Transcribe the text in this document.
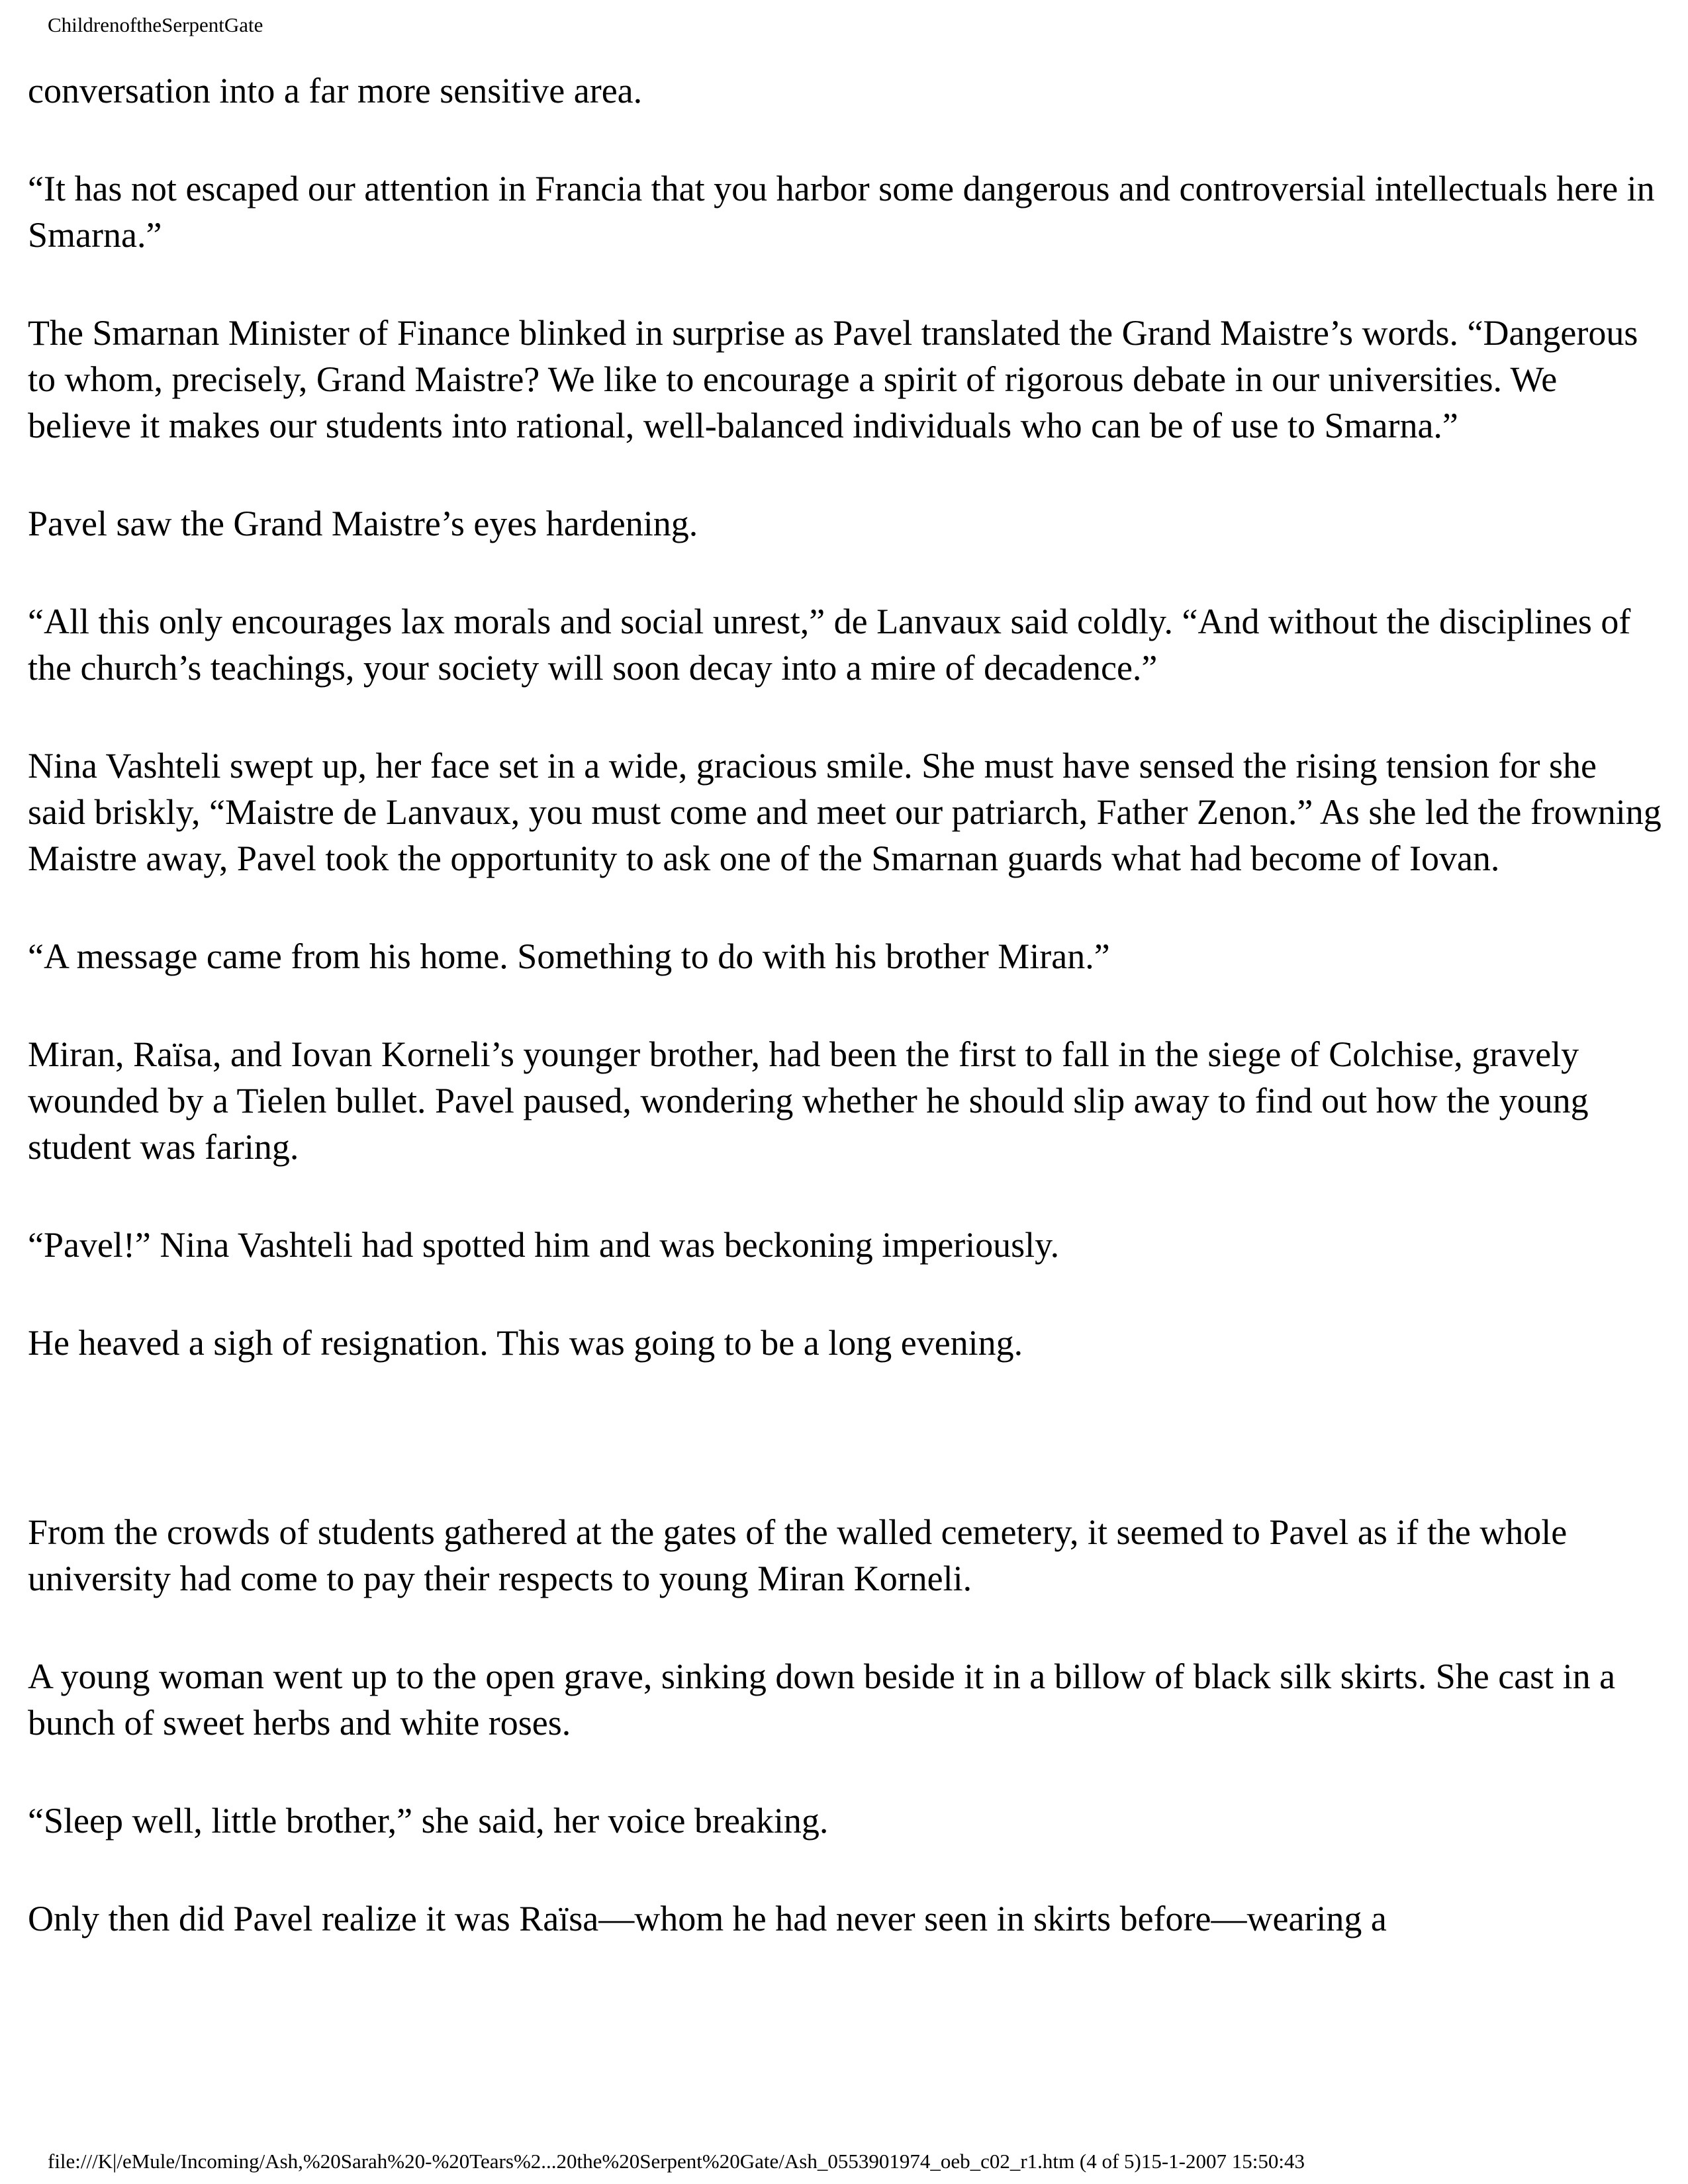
ChildrenoftheSerpentGate

conversation into a far more sensitive area.

“It has not escaped our attention in Francia that you harbor some dangerous and controversial intellectuals here in Smarna.”

The Smarnan Minister of Finance blinked in surprise as Pavel translated the Grand Maistre’s words. “Dangerous to whom, precisely, Grand Maistre? We like to encourage a spirit of rigorous debate in our universities. We believe it makes our students into rational, well-balanced individuals who can be of use to Smarna.”

Pavel saw the Grand Maistre’s eyes hardening.

“All this only encourages lax morals and social unrest,” de Lanvaux said coldly. “And without the disciplines of the church’s teachings, your society will soon decay into a mire of decadence.”

Nina Vashteli swept up, her face set in a wide, gracious smile. She must have sensed the rising tension for she said briskly, “Maistre de Lanvaux, you must come and meet our patriarch, Father Zenon.” As she led the frowning Maistre away, Pavel took the opportunity to ask one of the Smarnan guards what had become of Iovan.

“A message came from his home. Something to do with his brother Miran.”

Miran, Raïsa, and Iovan Korneli’s younger brother, had been the first to fall in the siege of Colchise, gravely wounded by a Tielen bullet. Pavel paused, wondering whether he should slip away to find out how the young student was faring.

“Pavel!” Nina Vashteli had spotted him and was beckoning imperiously.

He heaved a sigh of resignation. This was going to be a long evening.

From the crowds of students gathered at the gates of the walled cemetery, it seemed to Pavel as if the whole university had come to pay their respects to young Miran Korneli.

A young woman went up to the open grave, sinking down beside it in a billow of black silk skirts. She cast in a bunch of sweet herbs and white roses.

“Sleep well, little brother,” she said, her voice breaking.

Only then did Pavel realize it was Raïsa—whom he had never seen in skirts before—wearing a

file:///K|/eMule/Incoming/Ash,%20Sarah%20-%20Tears%2...20the%20Serpent%20Gate/Ash_0553901974_oeb_c02_r1.htm (4 of 5)15-1-2007 15:50:43
